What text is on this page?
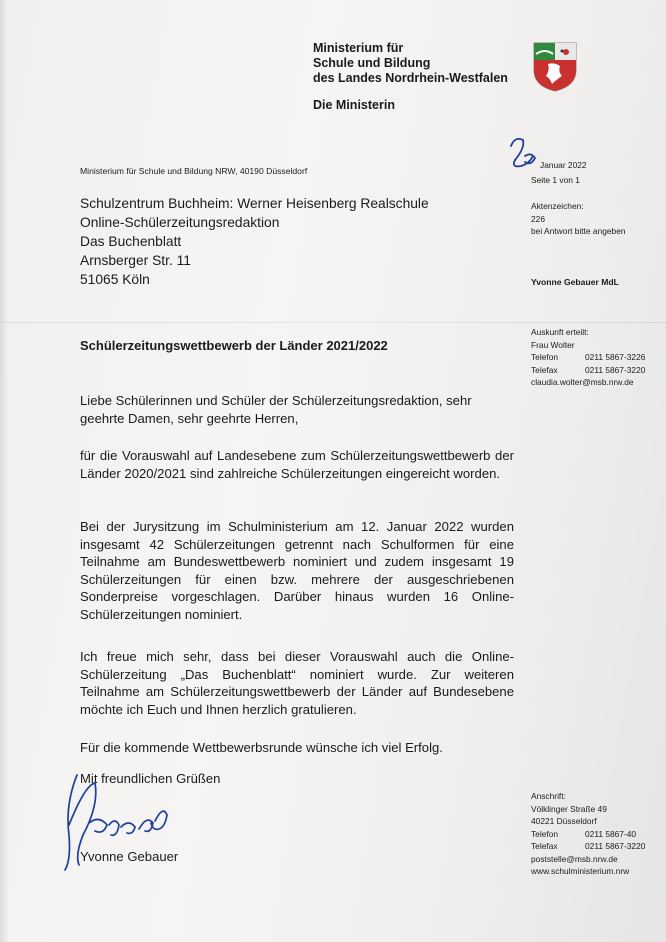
Ministerium für
Schule und Bildung
des Landes Nordrhein-Westfalen
Die Ministerin
Ministerium für Schule und Bildung NRW, 40190 Düsseldorf
Schulzentrum Buchheim: Werner Heisenberg Realschule
Online-Schülerzeitungsredaktion
Das Buchenblatt
Arnsberger Str. 11
51065 Köln
Januar 2022
Seite 1 von 1
Aktenzeichen:
226
bei Antwort bitte angeben
Yvonne Gebauer MdL
Auskunft erteilt:
Frau Wolter
Telefon	0211 5867-3226
Telefax	0211 5867-3220
claudia.wolter@msb.nrw.de
Schülerzeitungswettbewerb der Länder 2021/2022
Liebe Schülerinnen und Schüler der Schülerzeitungsredaktion, sehr geehrte Damen, sehr geehrte Herren,
für die Vorauswahl auf Landesebene zum Schülerzeitungswettbewerb der Länder 2020/2021 sind zahlreiche Schülerzeitungen eingereicht worden.
Bei der Jurysitzung im Schulministerium am 12. Januar 2022 wurden insgesamt 42 Schülerzeitungen getrennt nach Schulformen für eine Teilnahme am Bundeswettbewerb nominiert und zudem insgesamt 19 Schülerzeitungen für einen bzw. mehrere der ausgeschriebenen Sonderpreise vorgeschlagen. Darüber hinaus wurden 16 Online-Schülerzeitungen nominiert.
Ich freue mich sehr, dass bei dieser Vorauswahl auch die Online-Schülerzeitung „Das Buchenblatt“ nominiert wurde. Zur weiteren Teilnahme am Schülerzeitungswettbewerb der Länder auf Bundesebene möchte ich Euch und Ihnen herzlich gratulieren.
Für die kommende Wettbewerbsrunde wünsche ich viel Erfolg.
Mit freundlichen Grüßen
Yvonne Gebauer
Anschrift:
Völklinger Straße 49
40221 Düsseldorf
Telefon	0211 5867-40
Telefax	0211 5867-3220
poststelle@msb.nrw.de
www.schulministerium.nrw
